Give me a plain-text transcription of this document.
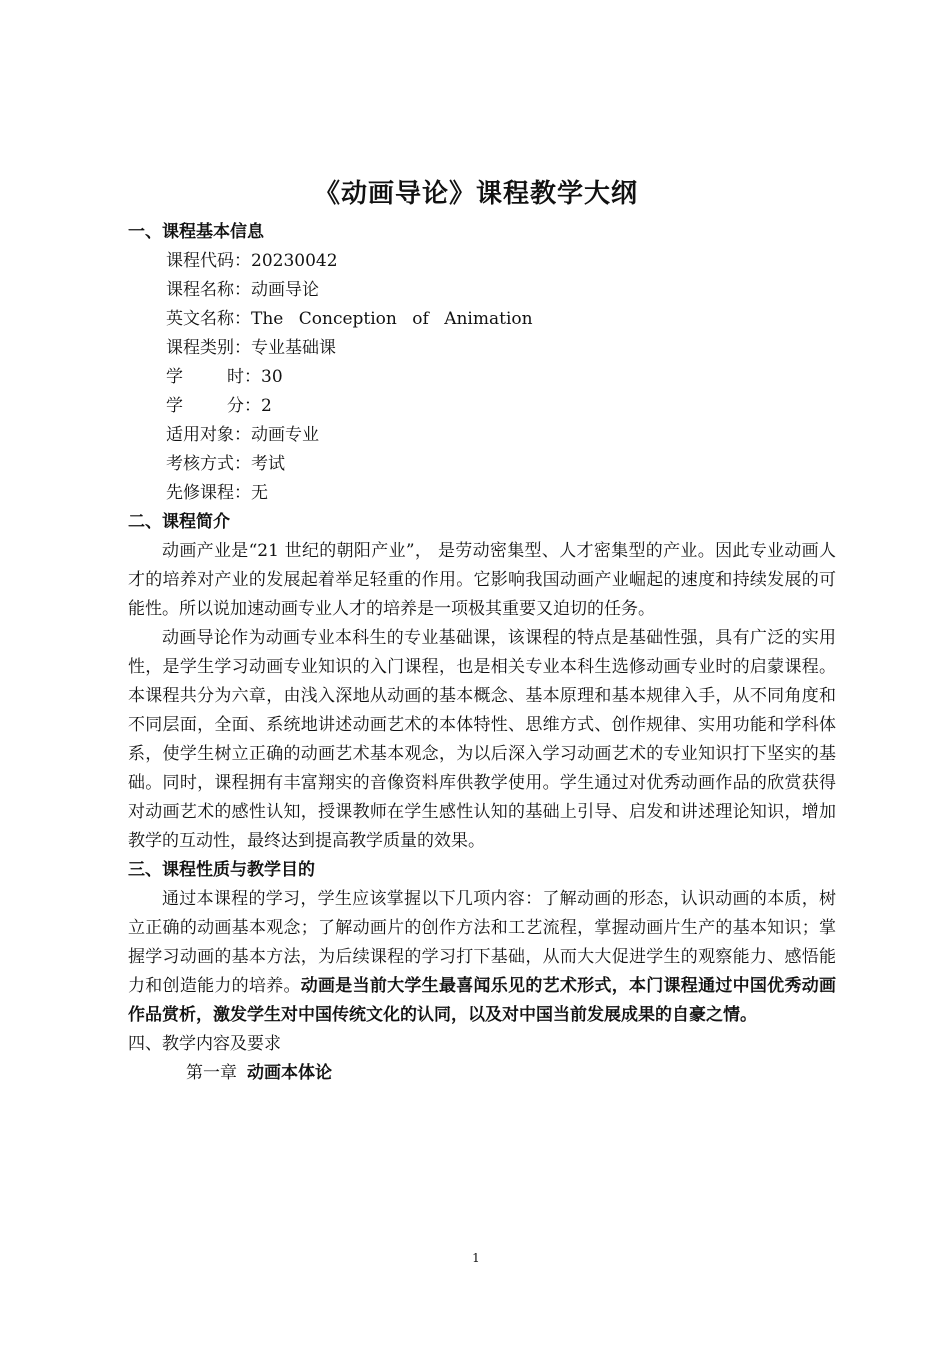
《动画导论》课程教学大纲
一、课程基本信息
课程代码：20230042
课程名称：动画导论
英文名称：The Conception of Animation
课程类别：专业基础课
学 时：30
学 分：2
适用对象：动画专业
考核方式：考试
先修课程：无
二、课程简介

动画产业是“21 世纪的朝阳产业”， 是劳动密集型、人才密集型的产业。因此专业动画人才的培养对产业的发展起着举足轻重的作用。它影响我国动画产业崛起的速度和持续发展的可能性。所以说加速动画专业人才的培养是一项极其重要又迫切的任务。

动画导论作为动画专业本科生的专业基础课，该课程的特点是基础性强，具有广泛的实用性，是学生学习动画专业知识的入门课程，也是相关专业本科生选修动画专业时的启蒙课程。本课程共分为六章，由浅入深地从动画的基本概念、基本原理和基本规律入手，从不同角度和不同层面，全面、系统地讲述动画艺术的本体特性、思维方式、创作规律、实用功能和学科体系，使学生树立正确的动画艺术基本观念，为以后深入学习动画艺术的专业知识打下坚实的基础。同时，课程拥有丰富翔实的音像资料库供教学使用。学生通过对优秀动画作品的欣赏获得对动画艺术的感性认知，授课教师在学生感性认知的基础上引导、启发和讲述理论知识，增加教学的互动性，最终达到提高教学质量的效果。

三、课程性质与教学目的

通过本课程的学习，学生应该掌握以下几项内容：了解动画的形态，认识动画的本质，树立正确的动画基本观念；了解动画片的创作方法和工艺流程，掌握动画片生产的基本知识；掌握学习动画的基本方法，为后续课程的学习打下基础，从而大大促进学生的观察能力、感悟能力和创造能力的培养。动画是当前大学生最喜闻乐见的艺术形式，本门课程通过中国优秀动画作品赏析，激发学生对中国传统文化的认同，以及对中国当前发展成果的自豪之情。

四、教学内容及要求
第一章 动画本体论
1
